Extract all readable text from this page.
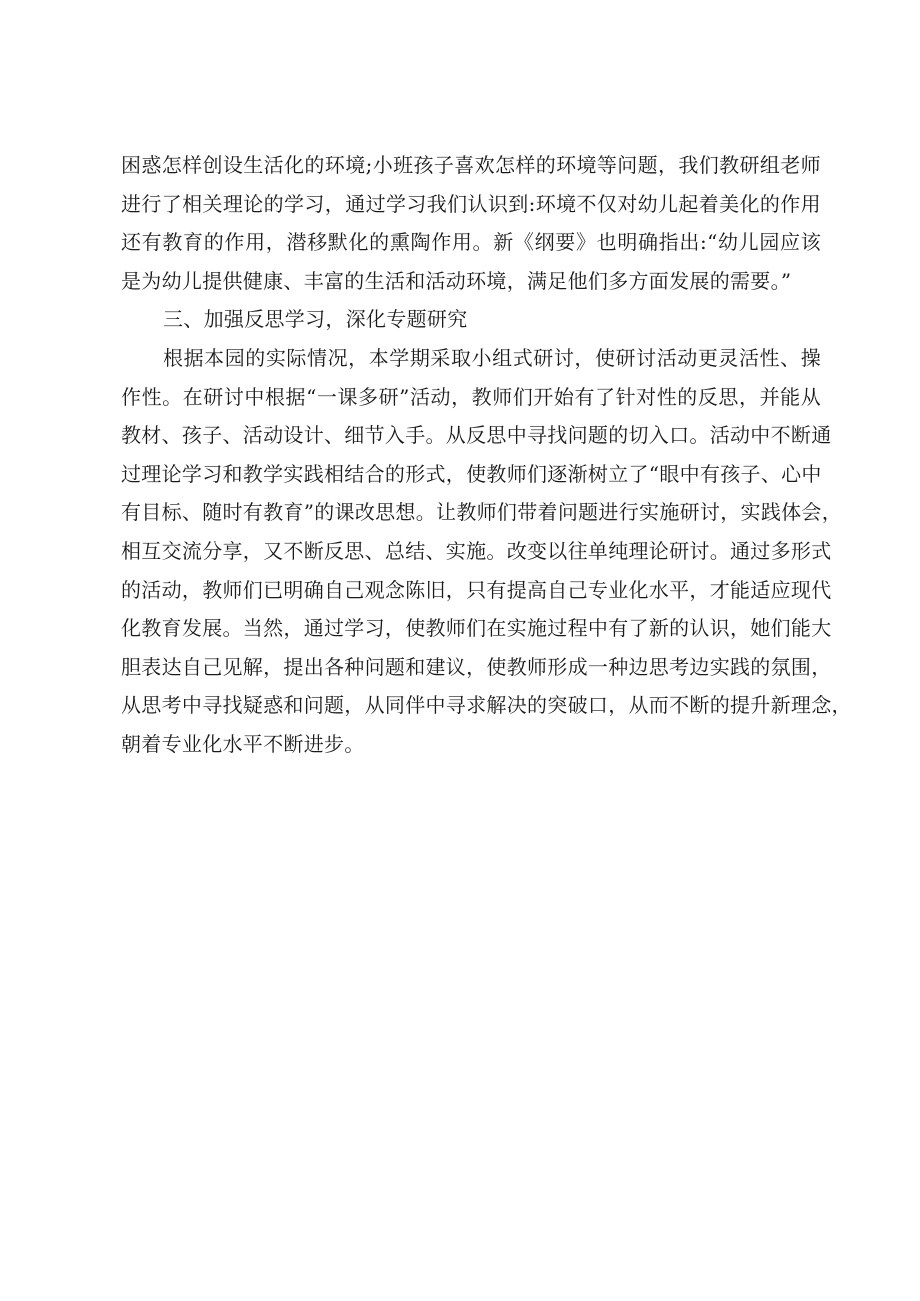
困惑怎样创设生活化的环境;小班孩子喜欢怎样的环境等问题，我们教研组老师
进行了相关理论的学习，通过学习我们认识到:环境不仅对幼儿起着美化的作用
还有教育的作用，潜移默化的熏陶作用。新《纲要》也明确指出:“幼儿园应该
是为幼儿提供健康、丰富的生活和活动环境，满足他们多方面发展的需要。”

三、加强反思学习，深化专题研究

根据本园的实际情况，本学期采取小组式研讨，使研讨活动更灵活性、操
作性。在研讨中根据“一课多研”活动，教师们开始有了针对性的反思，并能从
教材、孩子、活动设计、细节入手。从反思中寻找问题的切入口。活动中不断通
过理论学习和教学实践相结合的形式，使教师们逐渐树立了“眼中有孩子、心中
有目标、随时有教育”的课改思想。让教师们带着问题进行实施研讨，实践体会，
相互交流分享，又不断反思、总结、实施。改变以往单纯理论研讨。通过多形式
的活动，教师们已明确自己观念陈旧，只有提高自己专业化水平，才能适应现代
化教育发展。当然，通过学习，使教师们在实施过程中有了新的认识，她们能大
胆表达自己见解，提出各种问题和建议，使教师形成一种边思考边实践的氛围，
从思考中寻找疑惑和问题，从同伴中寻求解决的突破口，从而不断的提升新理念，
朝着专业化水平不断进步。
